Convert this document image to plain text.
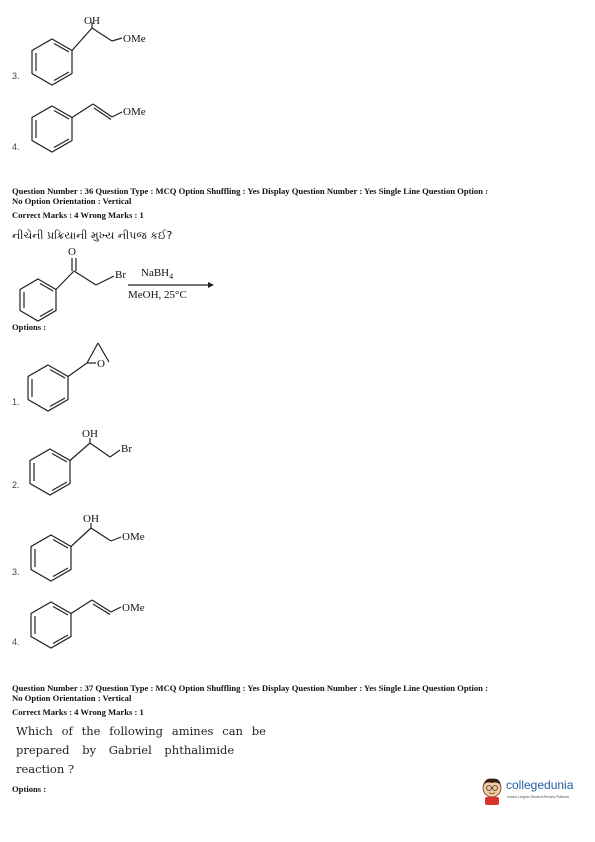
OH
OMe
3.
OMe
4.
Question Number : 36 Question Type : MCQ Option Shuffling : Yes Display Question Number : Yes Single Line Question Option :
No Option Orientation : Vertical
Correct Marks : 4 Wrong Marks : 1
નીચેની પ્રક્રિયાની મુખ્ય નીપજ કઈ?
O
Br NaBH$_4$
MeOH, 25°C
Options :
O
1.
OH
Br
2.
OH
OMe
3.
OMe
4.
Question Number : 37 Question Type : MCQ Option Shuffling : Yes Display Question Number : Yes Single Line Question Option :
No Option Orientation : Vertical
Correct Marks : 4 Wrong Marks : 1
Which of the following amines can be
prepared by Gabriel phthalimide
reaction ?
Options :	collegedunia
India's Largest Student Review Platform
